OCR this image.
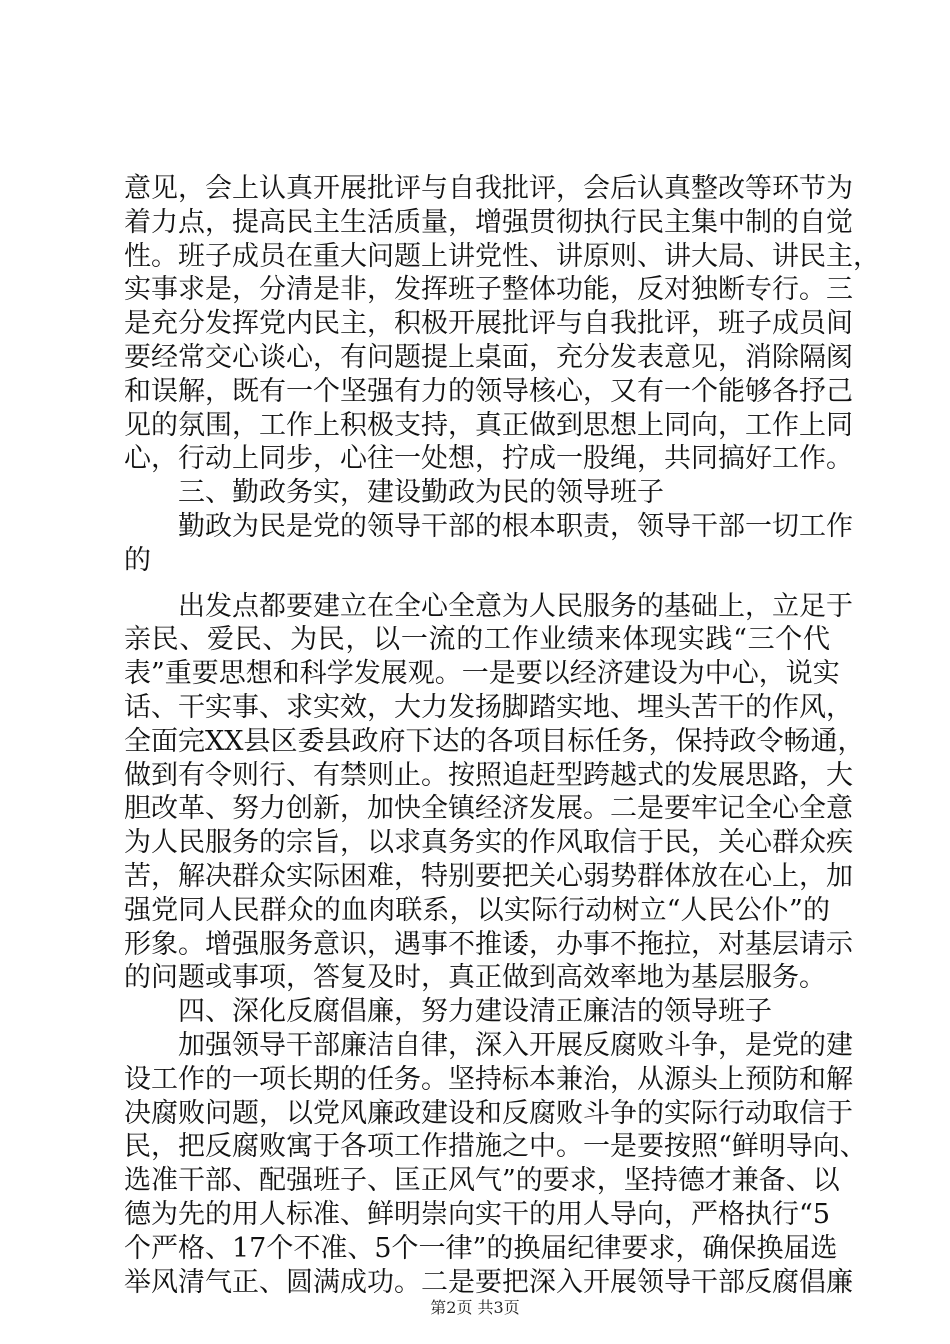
意见，会上认真开展批评与自我批评，会后认真整改等环节为
着力点，提高民主生活质量，增强贯彻执行民主集中制的自觉
性。班子成员在重大问题上讲党性、讲原则、讲大局、讲民主，
实事求是，分清是非，发挥班子整体功能，反对独断专行。三
是充分发挥党内民主，积极开展批评与自我批评，班子成员间
要经常交心谈心，有问题提上桌面，充分发表意见，消除隔阂
和误解，既有一个坚强有力的领导核心，又有一个能够各抒己
见的氛围，工作上积极支持，真正做到思想上同向，工作上同
心，行动上同步，心往一处想，拧成一股绳，共同搞好工作。
　　三、勤政务实，建设勤政为民的领导班子
　　勤政为民是党的领导干部的根本职责，领导干部一切工作
的
　　出发点都要建立在全心全意为人民服务的基础上，立足于
亲民、爱民、为民，以一流的工作业绩来体现实践“三个代
表”重要思想和科学发展观。一是要以经济建设为中心，说实
话、干实事、求实效，大力发扬脚踏实地、埋头苦干的作风，
全面完XX县区委县政府下达的各项目标任务，保持政令畅通，
做到有令则行、有禁则止。按照追赶型跨越式的发展思路，大
胆改革、努力创新，加快全镇经济发展。二是要牢记全心全意
为人民服务的宗旨，以求真务实的作风取信于民，关心群众疾
苦，解决群众实际困难，特别要把关心弱势群体放在心上，加
强党同人民群众的血肉联系，以实际行动树立“人民公仆”的
形象。增强服务意识，遇事不推诿，办事不拖拉，对基层请示
的问题或事项，答复及时，真正做到高效率地为基层服务。
　　四、深化反腐倡廉，努力建设清正廉洁的领导班子
　　加强领导干部廉洁自律，深入开展反腐败斗争，是党的建
设工作的一项长期的任务。坚持标本兼治，从源头上预防和解
决腐败问题，以党风廉政建设和反腐败斗争的实际行动取信于
民，把反腐败寓于各项工作措施之中。一是要按照“鲜明导向、
选准干部、配强班子、匡正风气”的要求，坚持德才兼备、以
德为先的用人标准、鲜明崇向实干的用人导向，严格执行“5
个严格、17个不准、5个一律”的换届纪律要求，确保换届选
举风清气正、圆满成功。二是要把深入开展领导干部反腐倡廉
第2页 共3页
